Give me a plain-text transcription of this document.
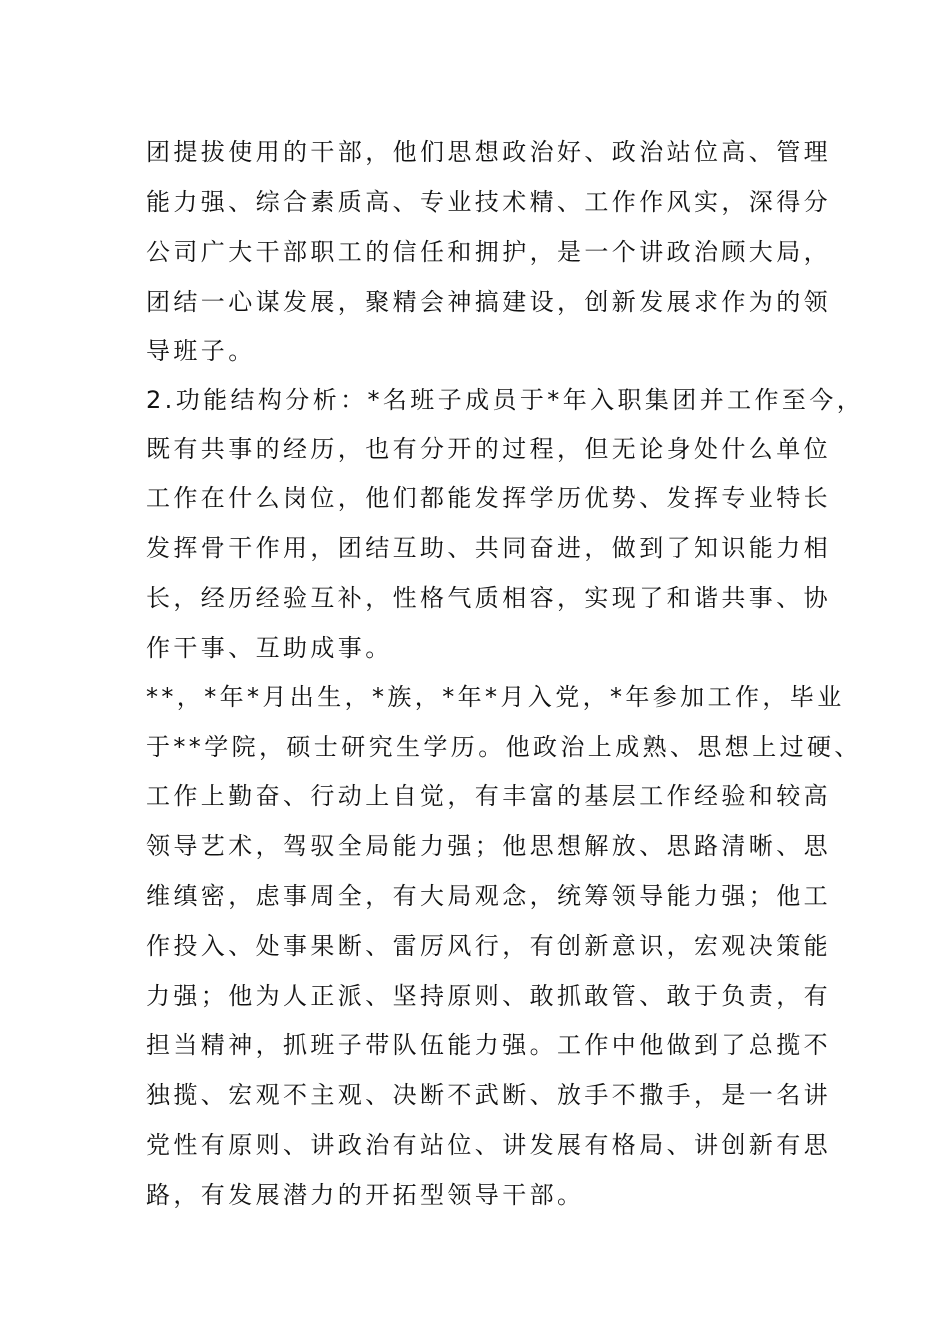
团提拔使用的干部，他们思想政治好、政治站位高、管理
能力强、综合素质高、专业技术精、工作作风实，深得分
公司广大干部职工的信任和拥护，是一个讲政治顾大局，
团结一心谋发展，聚精会神搞建设，创新发展求作为的领
导班子。
2.功能结构分析：*名班子成员于*年入职集团并工作至今，
既有共事的经历，也有分开的过程，但无论身处什么单位
工作在什么岗位，他们都能发挥学历优势、发挥专业特长
发挥骨干作用，团结互助、共同奋进，做到了知识能力相
长，经历经验互补，性格气质相容，实现了和谐共事、协
作干事、互助成事。
**，*年*月出生，*族，*年*月入党，*年参加工作，毕业
于**学院，硕士研究生学历。他政治上成熟、思想上过硬、
工作上勤奋、行动上自觉，有丰富的基层工作经验和较高
领导艺术，驾驭全局能力强；他思想解放、思路清晰、思
维缜密，虑事周全，有大局观念，统筹领导能力强；他工
作投入、处事果断、雷厉风行，有创新意识，宏观决策能
力强；他为人正派、坚持原则、敢抓敢管、敢于负责，有
担当精神，抓班子带队伍能力强。工作中他做到了总揽不
独揽、宏观不主观、决断不武断、放手不撒手，是一名讲
党性有原则、讲政治有站位、讲发展有格局、讲创新有思
路，有发展潜力的开拓型领导干部。
